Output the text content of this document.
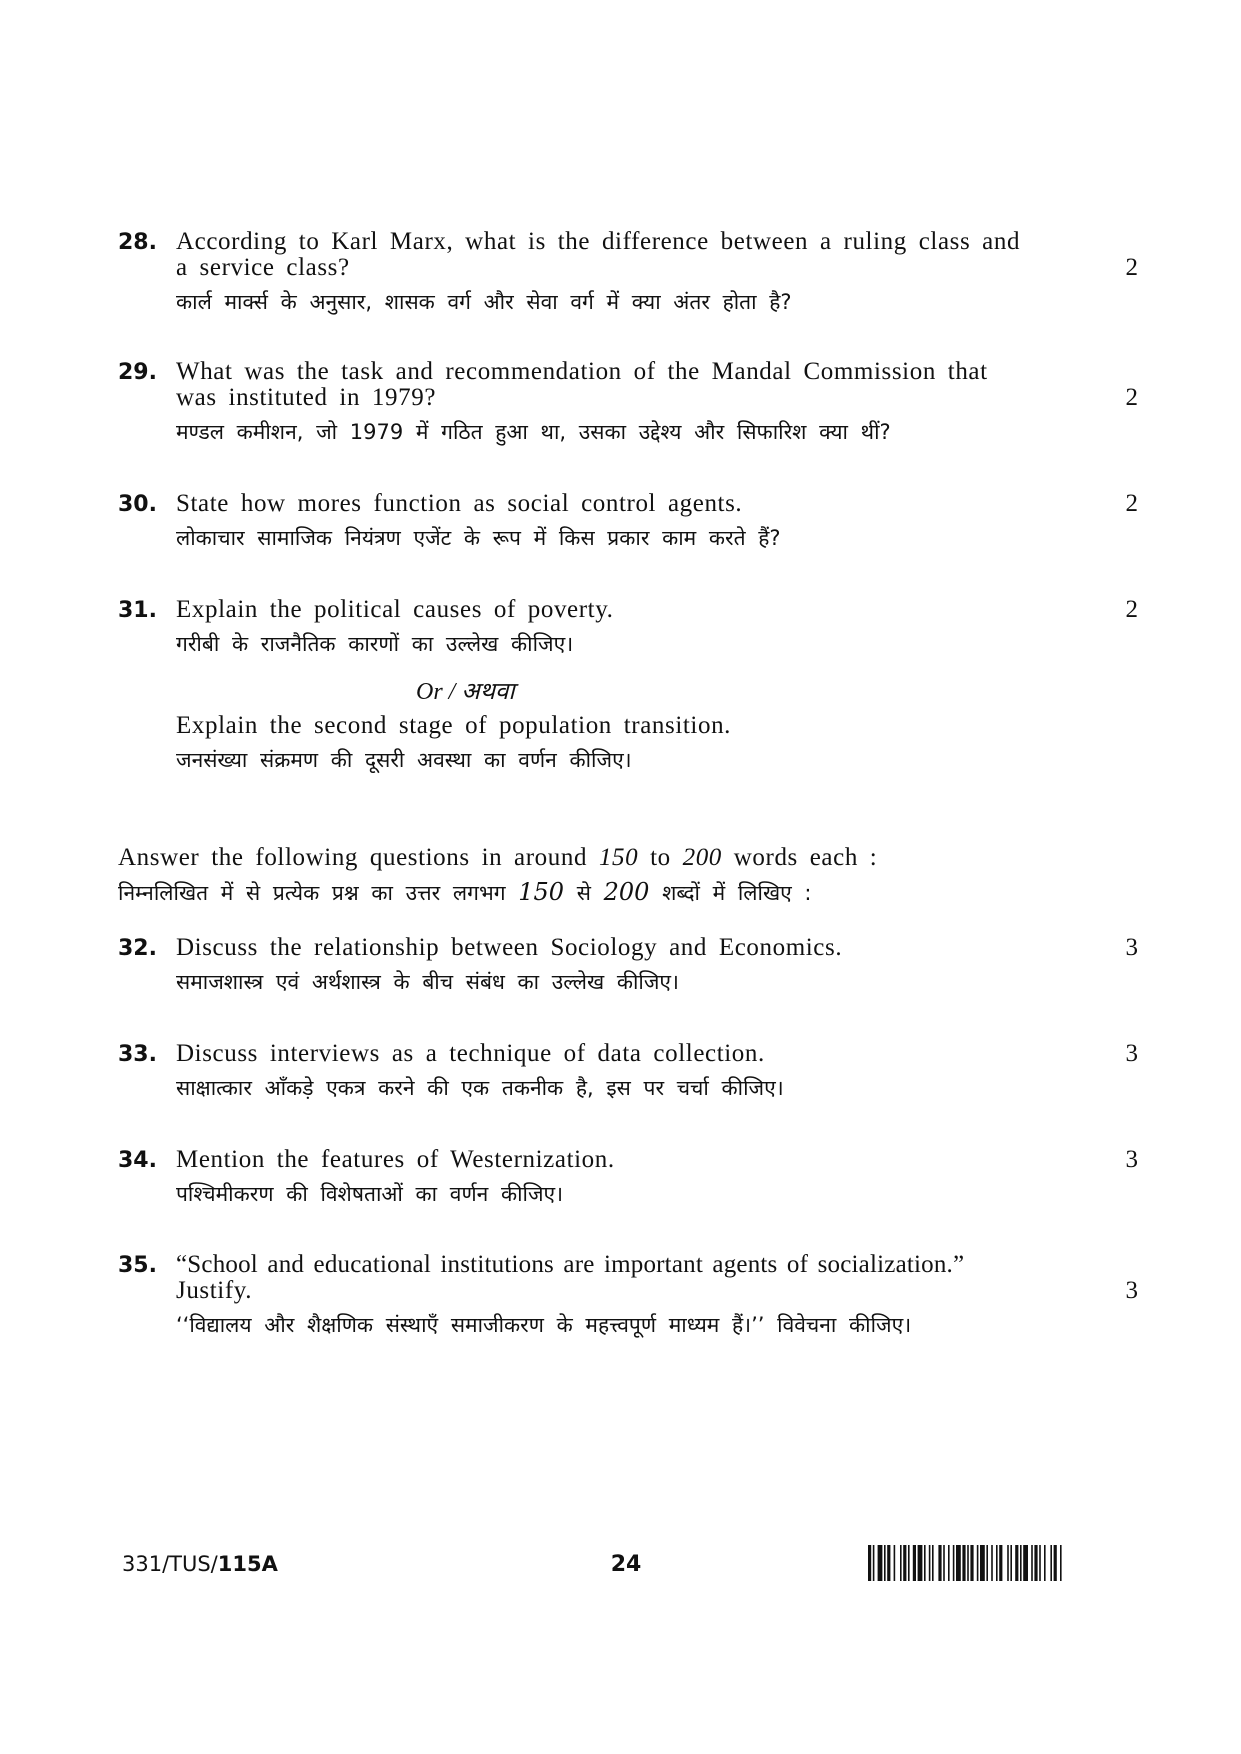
28. According to Karl Marx, what is the difference between a ruling class and
a service class?	2
कार्ल मार्क्स के अनुसार, शासक वर्ग और सेवा वर्ग में क्या अंतर होता है?
29. What was the task and recommendation of the Mandal Commission that
was instituted in 1979?	2
मण्डल कमीशन, जो 1979 में गठित हुआ था, उसका उद्देश्य और सिफारिश क्या थीं?
30. State how mores function as social control agents.	2
लोकाचार सामाजिक नियंत्रण एजेंट के रूप में किस प्रकार काम करते हैं?
31. Explain the political causes of poverty.	2
गरीबी के राजनैतिक कारणों का उल्लेख कीजिए।
Or / अथवा
Explain the second stage of population transition.
जनसंख्या संक्रमण की दूसरी अवस्था का वर्णन कीजिए।
Answer the following questions in around 150 to 200 words each :
निम्नलिखित में से प्रत्येक प्रश्न का उत्तर लगभग 150 से 200 शब्दों में लिखिए :
32. Discuss the relationship between Sociology and Economics.	3
समाजशास्त्र एवं अर्थशास्त्र के बीच संबंध का उल्लेख कीजिए।
33. Discuss interviews as a technique of data collection.	3
साक्षात्कार आँकड़े एकत्र करने की एक तकनीक है, इस पर चर्चा कीजिए।
34. Mention the features of Westernization.	3
पश्चिमीकरण की विशेषताओं का वर्णन कीजिए।
35. “School and educational institutions are important agents of socialization.”
Justify.	3
‘‘विद्यालय और शैक्षणिक संस्थाएँ समाजीकरण के महत्त्वपूर्ण माध्यम हैं।’’ विवेचना कीजिए।
331/TUS/115A	24
